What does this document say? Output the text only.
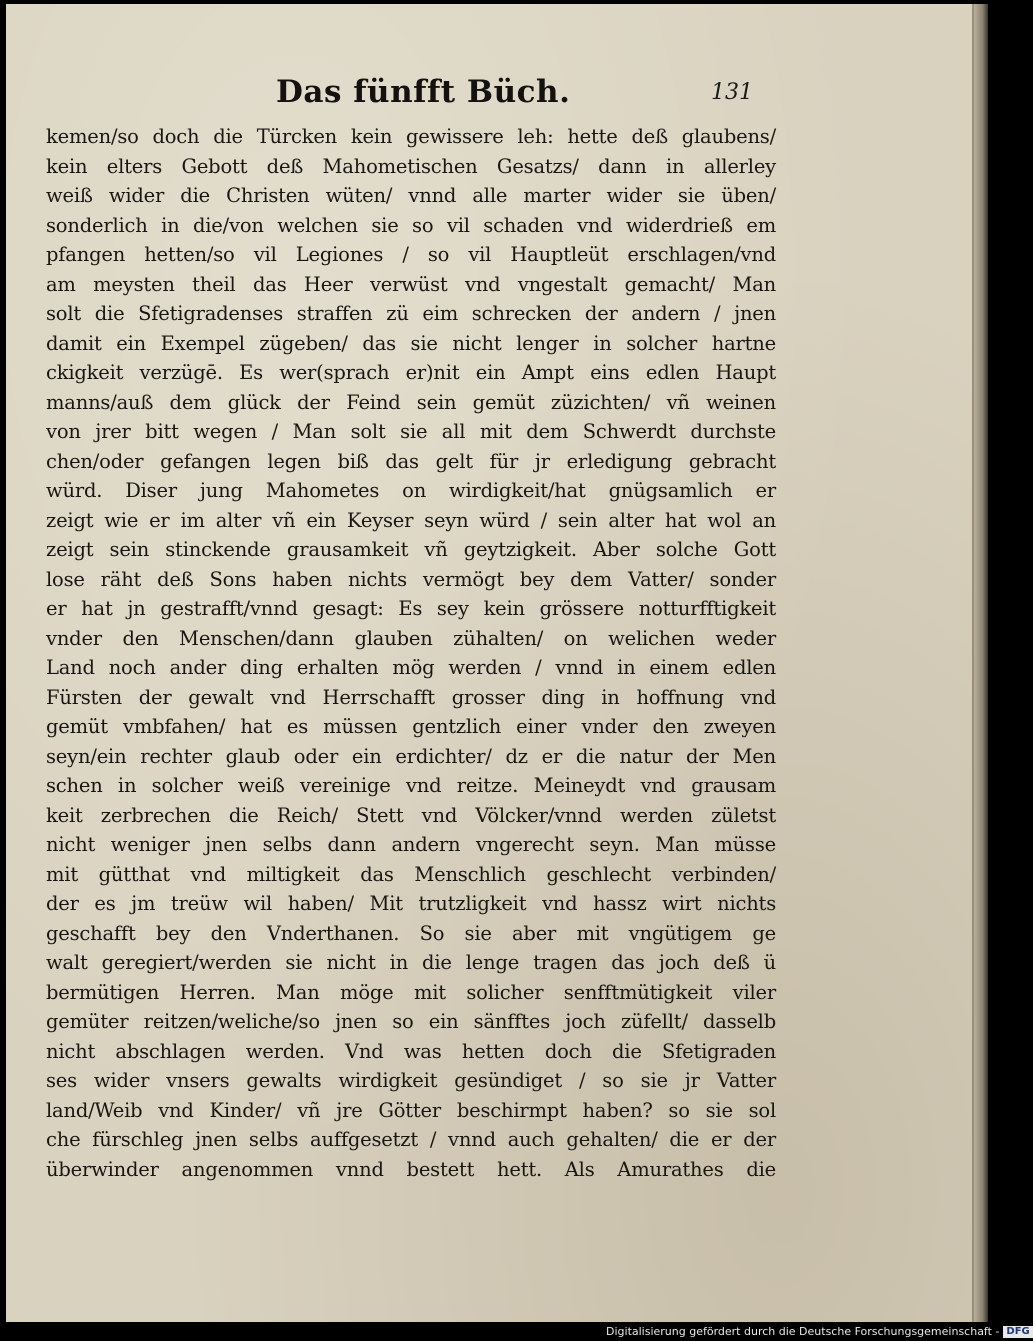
Das fünfft Büch.	131
kemen/so doch die Türcken kein gewissere leh: hette deß glaubens/
kein elters Gebott deß Mahometischen Gesatzs/ dann in allerley
weiß wider die Christen wüten/ vnnd alle marter wider sie üben/
sonderlich in die/von welchen sie so vil schaden vnd widerdrieß em
pfangen hetten/so vil Legiones / so vil Hauptleüt erschlagen/vnd
am meysten theil das Heer verwüst vnd vngestalt gemacht/ Man
solt die Sfetigradenses straffen zü eim schrecken der andern / jnen
damit ein Exempel zügeben/ das sie nicht lenger in solcher hartne
ckigkeit verzügē. Es wer(sprach er)nit ein Ampt eins edlen Haupt
manns/auß dem glück der Feind sein gemüt züzichten/ vñ weinen
von jrer bitt wegen / Man solt sie all mit dem Schwerdt durchste
chen/oder gefangen legen biß das gelt für jr erledigung gebracht
würd. Diser jung Mahometes on wirdigkeit/hat gnügsamlich er
zeigt wie er im alter vñ ein Keyser seyn würd / sein alter hat wol an
zeigt sein stinckende grausamkeit vñ geytzigkeit. Aber solche Gott
lose räht deß Sons haben nichts vermögt bey dem Vatter/ sonder
er hat jn gestrafft/vnnd gesagt: Es sey kein grössere notturfftigkeit
vnder den Menschen/dann glauben zühalten/ on welichen weder
Land noch ander ding erhalten mög werden / vnnd in einem edlen
Fürsten der gewalt vnd Herrschafft grosser ding in hoffnung vnd
gemüt vmbfahen/ hat es müssen gentzlich einer vnder den zweyen
seyn/ein rechter glaub oder ein erdichter/ dz er die natur der Men
schen in solcher weiß vereinige vnd reitze. Meineydt vnd grausam
keit zerbrechen die Reich/ Stett vnd Völcker/vnnd werden zületst
nicht weniger jnen selbs dann andern vngerecht seyn. Man müsse
mit gütthat vnd miltigkeit das Menschlich geschlecht verbinden/
der es jm treüw wil haben/ Mit trutzligkeit vnd hassz wirt nichts
geschafft bey den Vnderthanen. So sie aber mit vngütigem ge
walt geregiert/werden sie nicht in die lenge tragen das joch deß ü
bermütigen Herren. Man möge mit solicher senfftmütigkeit viler
gemüter reitzen/weliche/so jnen so ein sänfftes joch züfellt/ dasselb
nicht abschlagen werden. Vnd was hetten doch die Sfetigraden
ses wider vnsers gewalts wirdigkeit gesündiget / so sie jr Vatter
land/Weib vnd Kinder/ vñ jre Götter beschirmpt haben? so sie sol
che fürschleg jnen selbs auffgesetzt / vnnd auch gehalten/ die er der
überwinder angenommen vnnd bestett hett. Als Amurathes die
Digitalisierung gefördert durch die Deutsche Forschungsgemeinschaft - DFG
